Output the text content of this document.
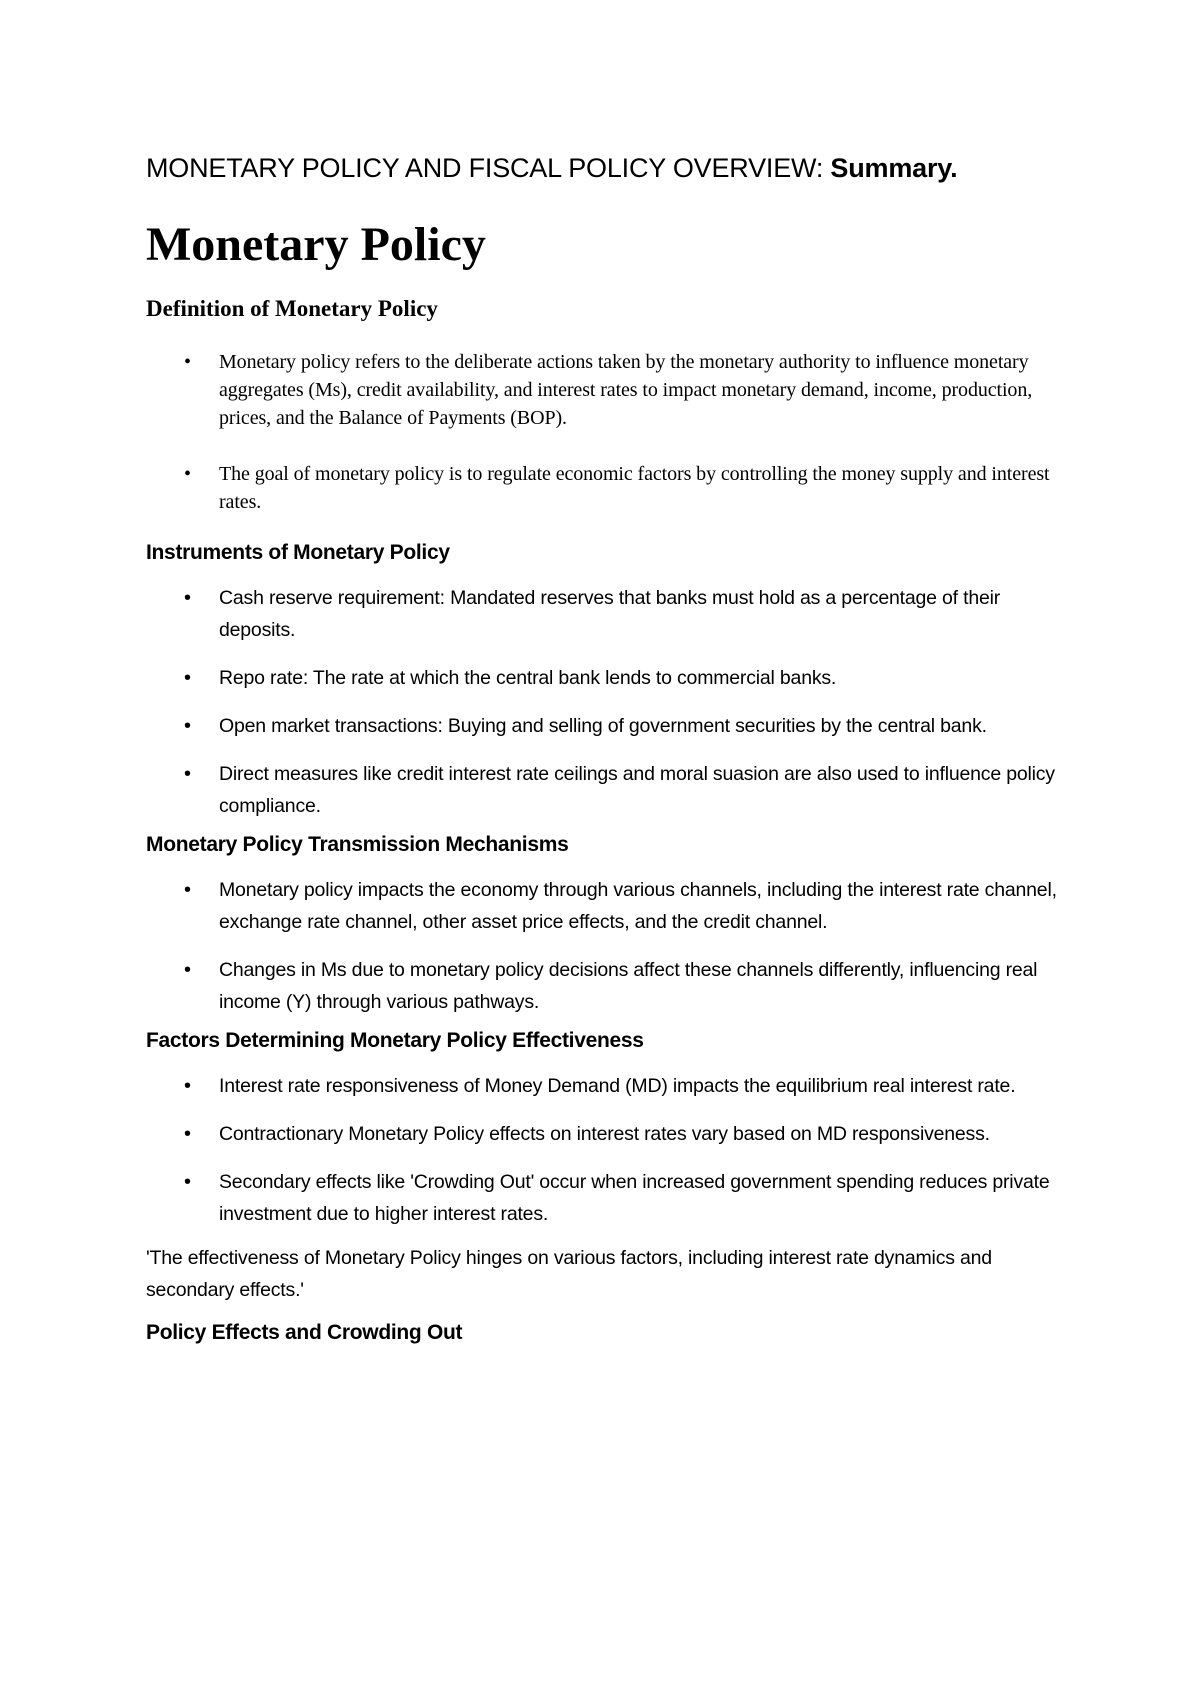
MONETARY POLICY AND FISCAL POLICY OVERVIEW: Summary.
Monetary Policy
Definition of Monetary Policy
• Monetary policy refers to the deliberate actions taken by the monetary authority to influence monetary aggregates (Ms), credit availability, and interest rates to impact monetary demand, income, production, prices, and the Balance of Payments (BOP).
• The goal of monetary policy is to regulate economic factors by controlling the money supply and interest rates.
Instruments of Monetary Policy
• Cash reserve requirement: Mandated reserves that banks must hold as a percentage of their deposits.
• Repo rate: The rate at which the central bank lends to commercial banks.
• Open market transactions: Buying and selling of government securities by the central bank.
• Direct measures like credit interest rate ceilings and moral suasion are also used to influence policy compliance.
Monetary Policy Transmission Mechanisms
• Monetary policy impacts the economy through various channels, including the interest rate channel, exchange rate channel, other asset price effects, and the credit channel.
• Changes in Ms due to monetary policy decisions affect these channels differently, influencing real income (Y) through various pathways.
Factors Determining Monetary Policy Effectiveness
• Interest rate responsiveness of Money Demand (MD) impacts the equilibrium real interest rate.
• Contractionary Monetary Policy effects on interest rates vary based on MD responsiveness.
• Secondary effects like 'Crowding Out' occur when increased government spending reduces private investment due to higher interest rates.

'The effectiveness of Monetary Policy hinges on various factors, including interest rate dynamics and secondary effects.'

Policy Effects and Crowding Out
